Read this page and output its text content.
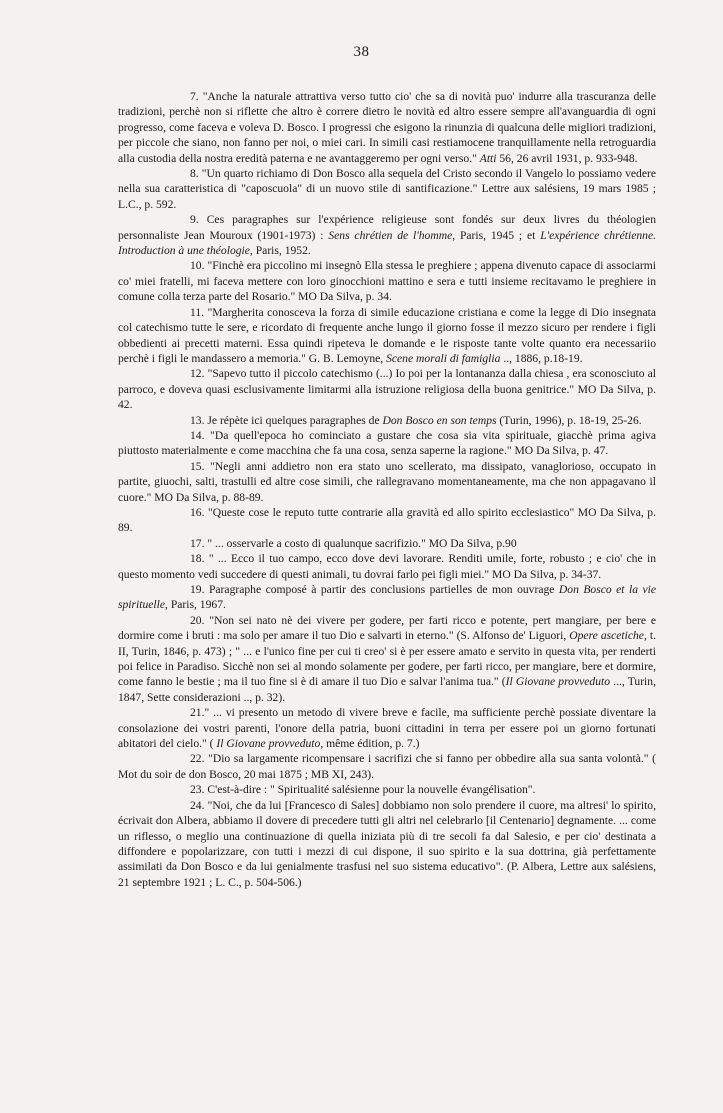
38

7. "Anche la naturale attrattiva verso tutto cio' che sa di novità puo' indurre alla trascuranza delle tradizioni, perchè non si riflette che altro è correre dietro le novità ed altro essere sempre all'avanguardia di ogni progresso, come faceva e voleva D. Bosco. I progressi che esigono la rinunzia di qualcuna delle migliori tradizioni, per piccole che siano, non fanno per noi, o miei cari. In simili casi restiamocene tranquillamente nella retroguardia alla custodia della nostra eredità paterna e ne avantaggeremo per ogni verso." Atti 56, 26 avril 1931, p. 933-948.

8. "Un quarto richiamo di Don Bosco alla sequela del Cristo secondo il Vangelo lo possiamo vedere nella sua caratteristica di "caposcuola" di un nuovo stile di santificazione." Lettre aux salésiens, 19 mars 1985 ; L.C., p. 592.

9. Ces paragraphes sur l'expérience religieuse sont fondés sur deux livres du théologien personnaliste Jean Mouroux (1901-1973) : Sens chrétien de l'homme, Paris, 1945 ; et L'expérience chrétienne. Introduction à une théologie, Paris, 1952.

10. "Finchè era piccolino mi insegnò Ella stessa le preghiere ; appena divenuto capace di associarmi co' miei fratelli, mi faceva mettere con loro ginocchioni mattino e sera e tutti insieme recitavamo le preghiere in comune colla terza parte del Rosario." MO Da Silva, p. 34.

11. "Margherita conosceva la forza di simile educazione cristiana e come la legge di Dio insegnata col catechismo tutte le sere, e ricordato di frequente anche lungo il giorno fosse il mezzo sicuro per rendere i figli obbedienti ai precetti materni. Essa quindi ripeteva le domande e le risposte tante volte quanto era necessariio perchè i figli le mandassero a memoria." G. B. Lemoyne, Scene morali di famiglia .., 1886, p.18-19.

12. "Sapevo tutto il piccolo catechismo (...) Io poi per la lontananza dalla chiesa , era sconosciuto al parroco, e doveva quasi esclusivamente limitarmi alla istruzione religiosa della buona genitrice." MO Da Silva, p. 42.

13. Je répète ici quelques paragraphes de Don Bosco en son temps (Turin, 1996), p. 18-19, 25-26.

14. "Da quell'epoca ho cominciato a gustare che cosa sia vita spirituale, giacchè prima agiva piuttosto materialmente e come macchina che fa una cosa, senza saperne la ragione." MO Da Silva, p. 47.

15. "Negli anni addietro non era stato uno scellerato, ma dissipato, vanaglorioso, occupato in partite, giuochi, salti, trastulli ed altre cose simili, che rallegravano momentaneamente, ma che non appagavano il cuore." MO Da Silva, p. 88-89.

16. "Queste cose le reputo tutte contrarie alla gravità ed allo spirito ecclesiastico" MO Da Silva, p. 89.

17. " ... osservarle a costo di qualunque sacrifizio." MO Da Silva, p.90

18. " ... Ecco il tuo campo, ecco dove devi lavorare. Renditi umile, forte, robusto ; e cio' che in questo momento vedi succedere di questi animali, tu dovrai farlo pei figli miei." MO Da Silva, p. 34-37.

19. Paragraphe composé à partir des conclusions partielles de mon ouvrage Don Bosco et la vie spirituelle, Paris, 1967.

20. "Non sei nato nè dei vivere per godere, per farti ricco e potente, pert mangiare, per bere e dormire come i bruti : ma solo per amare il tuo Dio e salvarti in eterno." (S. Alfonso de' Liguori, Opere ascetiche, t. II, Turin, 1846, p. 473) ; " ... e l'unico fine per cui ti creo' si è per essere amato e servito in questa vita, per renderti poi felice in Paradiso. Sicchè non sei al mondo solamente per godere, per farti ricco, per mangiare, bere et dormire, come fanno le bestie ; ma il tuo fine si è di amare il tuo Dio e salvar l'anima tua." (Il Giovane provveduto ..., Turin, 1847, Sette considerazioni .., p. 32).

21." ... vi presento un metodo di vivere breve e facile, ma sufficiente perchè possiate diventare la consolazione dei vostri parenti, l'onore della patria, buoni cittadini in terra per essere poi un giorno fortunati abitatori del cielo." ( Il Giovane provveduto, même édition, p. 7.)

22. "Dio sa largamente ricompensare i sacrifizi che si fanno per obbedire alla sua santa volontà." ( Mot du soir de don Bosco, 20 mai 1875 ; MB XI, 243).

23. C'est-à-dire : " Spiritualité salésienne pour la nouvelle évangélisation".

24. "Noi, che da lui [Francesco di Sales] dobbiamo non solo prendere il cuore, ma altresi' lo spirito, écrivait don Albera, abbiamo il dovere di precedere tutti gli altri nel celebrarlo [il Centenario] degnamente. ... come un riflesso, o meglio una continuazione di quella iniziata più di tre secoli fa dal Salesio, e per cio' destinata a diffondere e popolarizzare, con tutti i mezzi di cui dispone, il suo spirito e la sua dottrina, già perfettamente assimilati da Don Bosco e da lui genialmente trasfusi nel suo sistema educativo". (P. Albera, Lettre aux salésiens, 21 septembre 1921 ; L. C., p. 504-506.)
